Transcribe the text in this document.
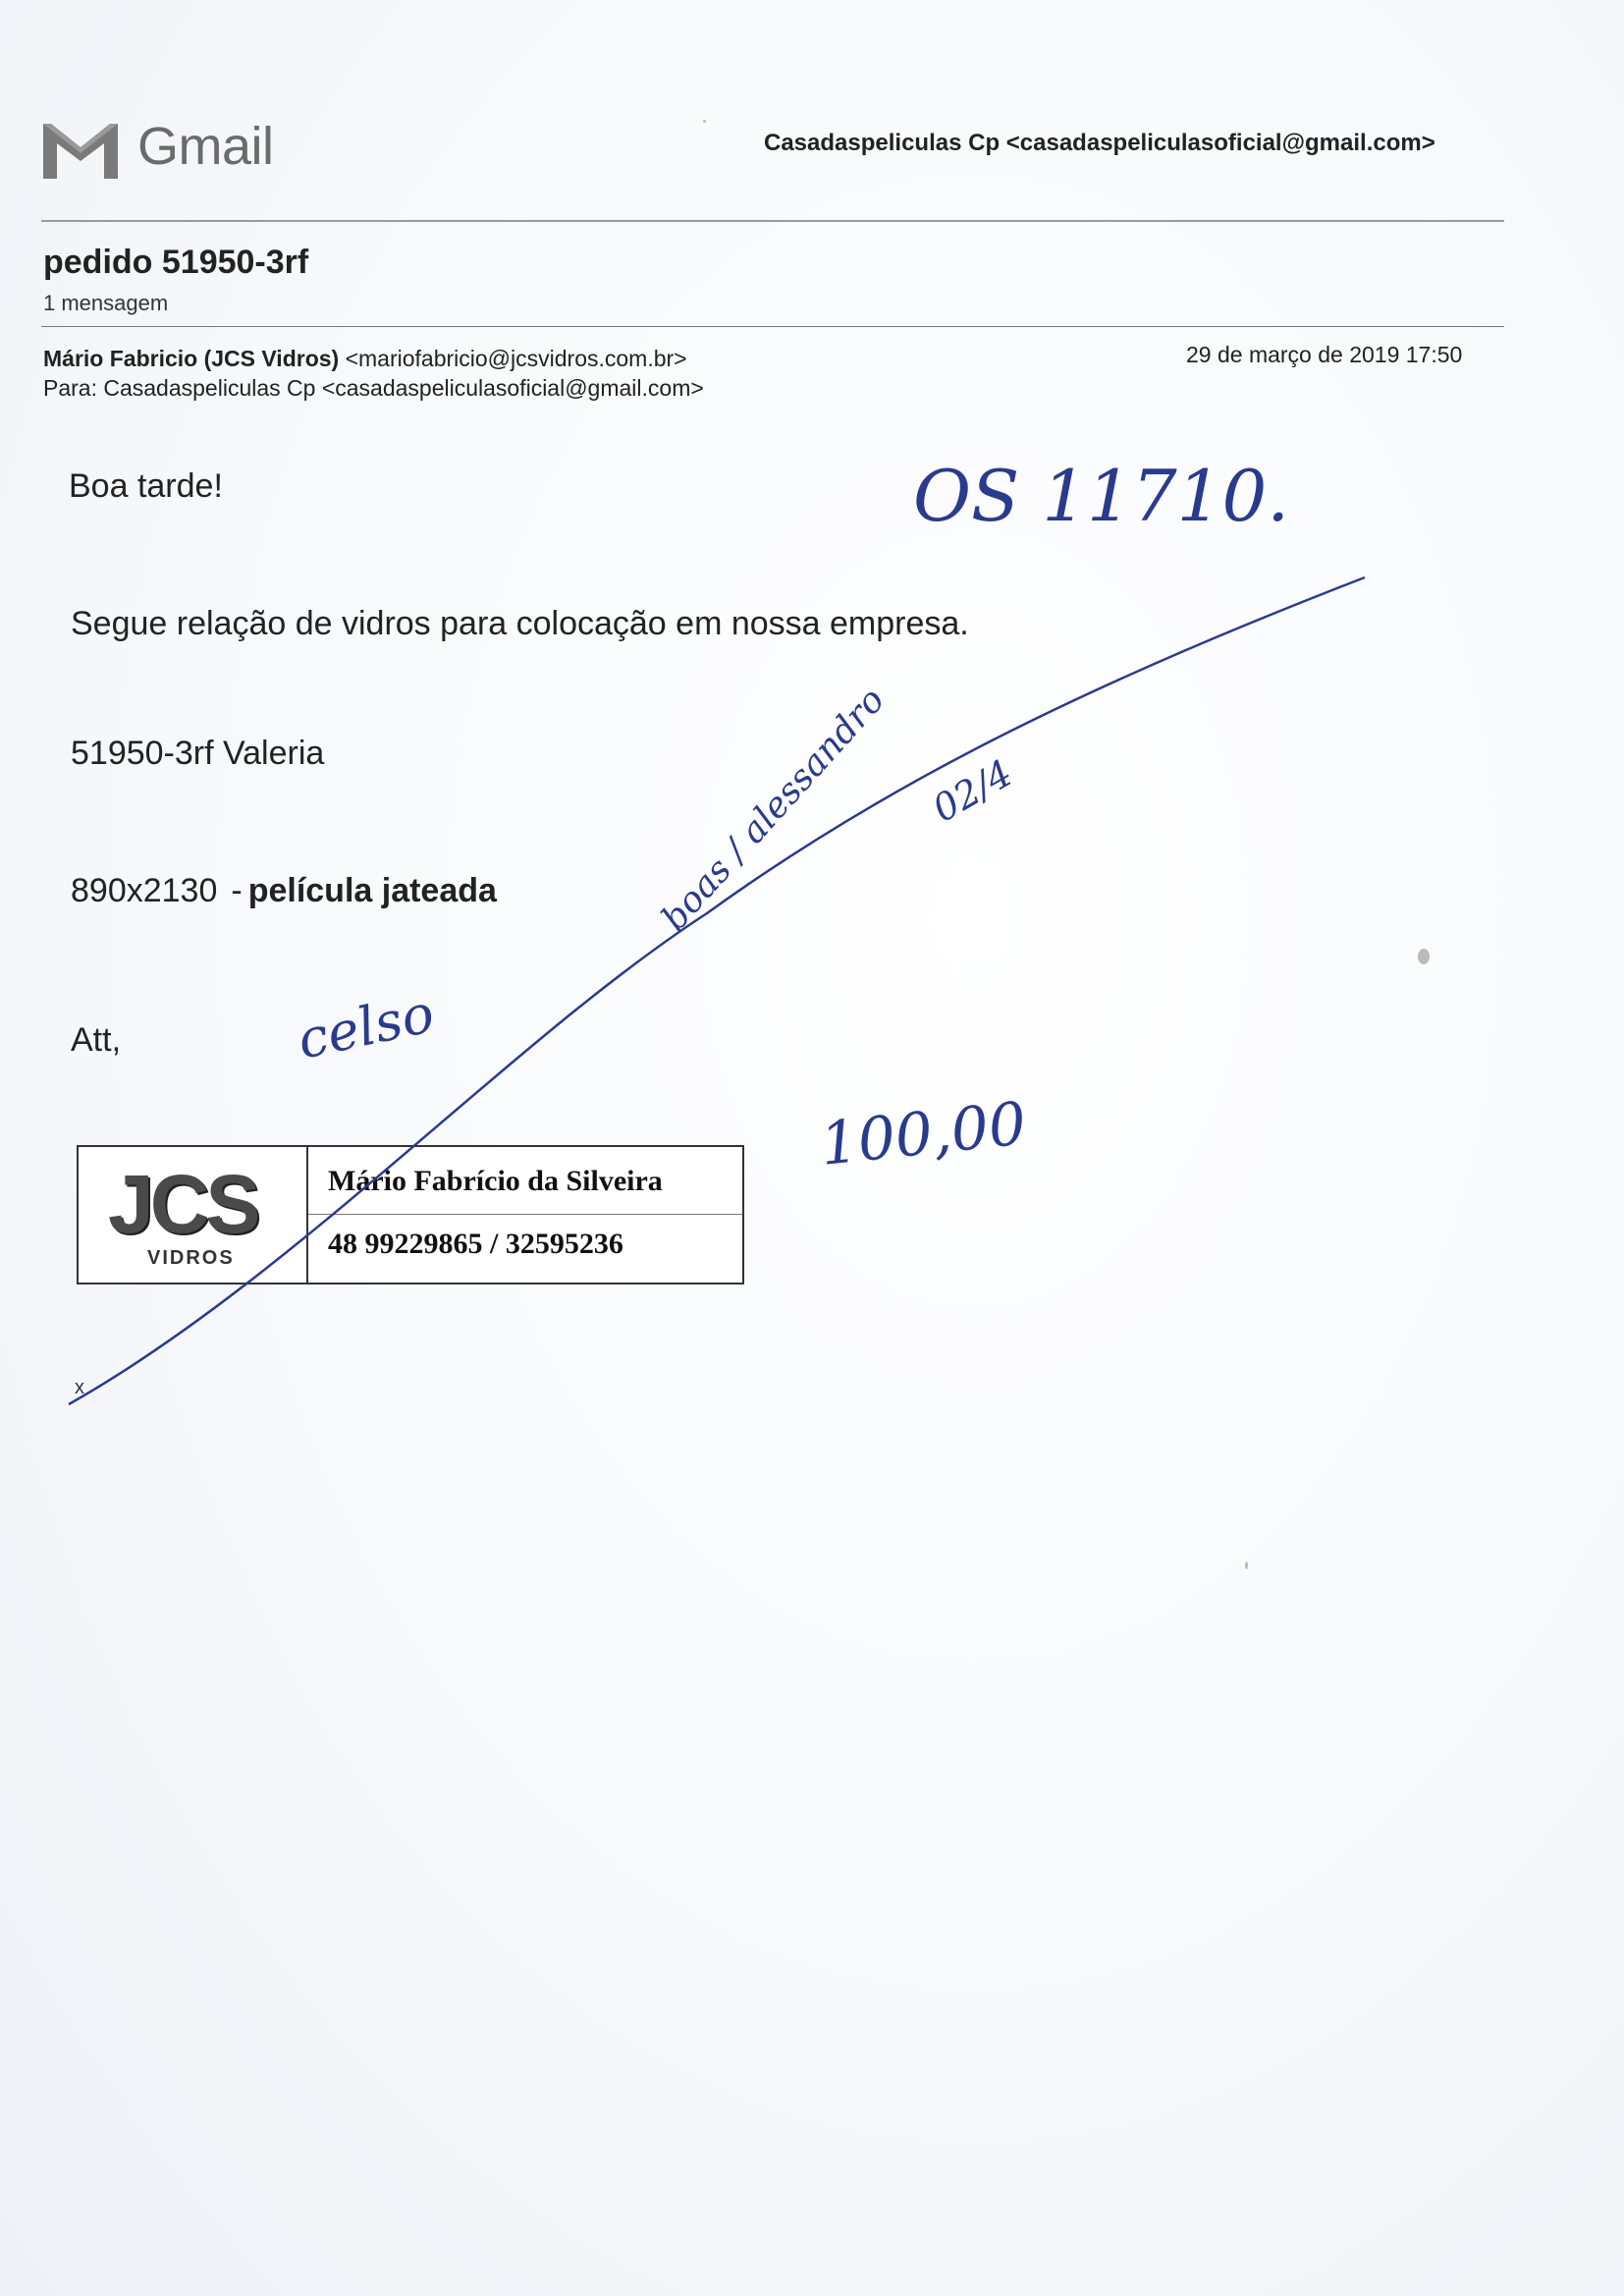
Gmail	Casadaspeliculas Cp <casadaspeliculasoficial@gmail.com>
pedido 51950-3rf
1 mensagem
Mário Fabricio (JCS Vidros) <mariofabricio@jcsvidros.com.br>	29 de março de 2019 17:50
Para: Casadaspeliculas Cp <casadaspeliculasoficial@gmail.com>
Boa tarde!
Segue relação de vidros para colocação em nossa empresa.
51950-3rf Valeria
890x2130 - película jateada
Att,
JCS
VIDROS
Mário Fabrício da Silveira
48 99229865 / 32595236
x
OS 11710.
100,00
celso
boas / alessandro 02/4
